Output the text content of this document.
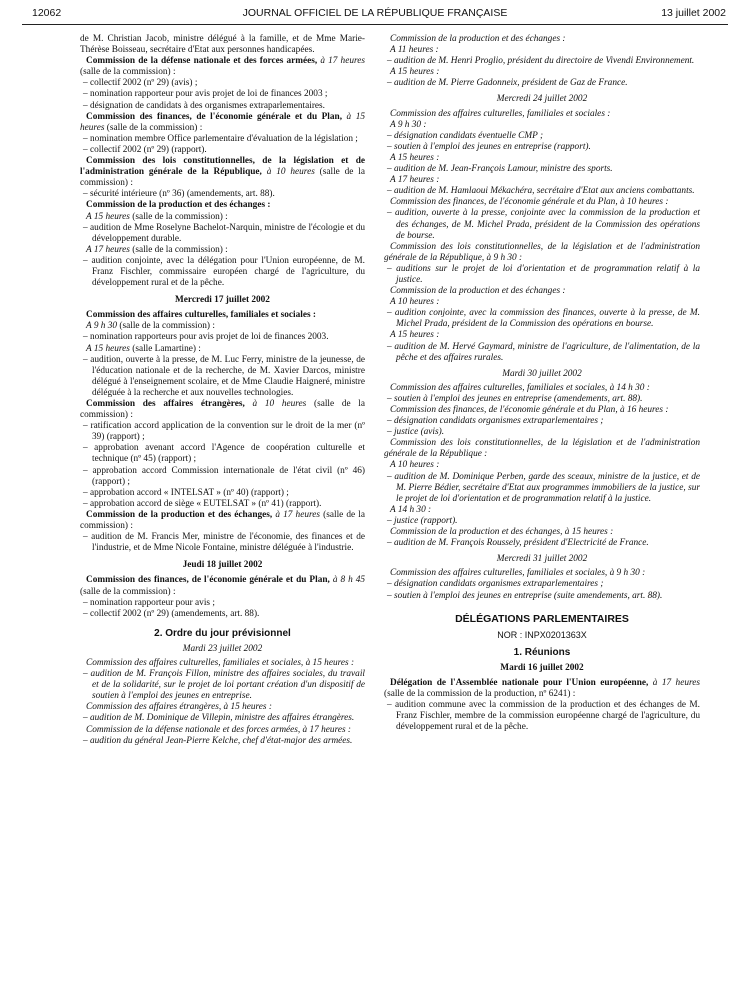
12062	JOURNAL OFFICIEL DE LA RÉPUBLIQUE FRANÇAISE	13 juillet 2002

de M. Christian Jacob, ministre délégué à la famille, et de Mme Marie-Thérèse Boisseau, secrétaire d'Etat aux personnes handicapées.

Commission de la défense nationale et des forces armées, à 17 heures (salle de la commission) :

– collectif 2002 (nº 29) (avis) ;

– nomination rapporteur pour avis projet de loi de finances 2003 ;

– désignation de candidats à des organismes extraparlementaires.

Commission des finances, de l'économie générale et du Plan, à 15 heures (salle de la commission) :

– nomination membre Office parlementaire d'évaluation de la législation ;

– collectif 2002 (nº 29) (rapport).

Commission des lois constitutionnelles, de la législation et de l'administration générale de la République, à 10 heures (salle de la commission) :

– sécurité intérieure (nº 36) (amendements, art. 88).

Commission de la production et des échanges :

A 15 heures (salle de la commission) :

– audition de Mme Roselyne Bachelot-Narquin, ministre de l'écologie et du développement durable.

A 17 heures (salle de la commission) :

– audition conjointe, avec la délégation pour l'Union européenne, de M. Franz Fischler, commissaire européen chargé de l'agriculture, du développement rural et de la pêche.

Mercredi 17 juillet 2002

Commission des affaires culturelles, familiales et sociales :

A 9 h 30 (salle de la commission) :

– nomination rapporteurs pour avis projet de loi de finances 2003.

A 15 heures (salle Lamartine) :

– audition, ouverte à la presse, de M. Luc Ferry, ministre de la jeunesse, de l'éducation nationale et de la recherche, de M. Xavier Darcos, ministre délégué à l'enseignement scolaire, et de Mme Claudie Haigneré, ministre déléguée à la recherche et aux nouvelles technologies.

Commission des affaires étrangères, à 10 heures (salle de la commission) :

– ratification accord application de la convention sur le droit de la mer (nº 39) (rapport) ;

– approbation avenant accord l'Agence de coopération culturelle et technique (nº 45) (rapport) ;

– approbation accord Commission internationale de l'état civil (nº 46) (rapport) ;

– approbation accord « INTELSAT » (nº 40) (rapport) ;

– approbation accord de siège « EUTELSAT » (nº 41) (rapport).

Commission de la production et des échanges, à 17 heures (salle de la commission) :

– audition de M. Francis Mer, ministre de l'économie, des finances et de l'industrie, et de Mme Nicole Fontaine, ministre déléguée à l'industrie.

Jeudi 18 juillet 2002

Commission des finances, de l'économie générale et du Plan, à 8 h 45 (salle de la commission) :

– nomination rapporteur pour avis ;

– collectif 2002 (nº 29) (amendements, art. 88).

2. Ordre du jour prévisionnel
Mardi 23 juillet 2002

Commission des affaires culturelles, familiales et sociales, à 15 heures :

– audition de M. François Fillon, ministre des affaires sociales, du travail et de la solidarité, sur le projet de loi portant création d'un dispositif de soutien à l'emploi des jeunes en entreprise.

Commission des affaires étrangères, à 15 heures :

– audition de M. Dominique de Villepin, ministre des affaires étrangères.

Commission de la défense nationale et des forces armées, à 17 heures :

– audition du général Jean-Pierre Kelche, chef d'état-major des armées.

Commission de la production et des échanges :

A 11 heures :

– audition de M. Henri Proglio, président du directoire de Vivendi Environnement.

A 15 heures :

– audition de M. Pierre Gadonneix, président de Gaz de France.

Mercredi 24 juillet 2002

Commission des affaires culturelles, familiales et sociales :

A 9 h 30 :

– désignation candidats éventuelle CMP ;

– soutien à l'emploi des jeunes en entreprise (rapport).

A 15 heures :

– audition de M. Jean-François Lamour, ministre des sports.

A 17 heures :

– audition de M. Hamlaoui Mékachéra, secrétaire d'Etat aux anciens combattants.

Commission des finances, de l'économie générale et du Plan, à 10 heures :

– audition, ouverte à la presse, conjointe avec la commission de la production et des échanges, de M. Michel Prada, président de la Commission des opérations de bourse.

Commission des lois constitutionnelles, de la législation et de l'administration générale de la République, à 9 h 30 :

– auditions sur le projet de loi d'orientation et de programmation relatif à la justice.

Commission de la production et des échanges :

A 10 heures :

– audition conjointe, avec la commission des finances, ouverte à la presse, de M. Michel Prada, président de la Commission des opérations en bourse.

A 15 heures :

– audition de M. Hervé Gaymard, ministre de l'agriculture, de l'alimentation, de la pêche et des affaires rurales.

Mardi 30 juillet 2002

Commission des affaires culturelles, familiales et sociales, à 14 h 30 :

– soutien à l'emploi des jeunes en entreprise (amendements, art. 88).

Commission des finances, de l'économie générale et du Plan, à 16 heures :

– désignation candidats organismes extraparlementaires ;

– justice (avis).

Commission des lois constitutionnelles, de la législation et de l'administration générale de la République :

A 10 heures :

– audition de M. Dominique Perben, garde des sceaux, ministre de la justice, et de M. Pierre Bédier, secrétaire d'Etat aux programmes immobiliers de la justice, sur le projet de loi d'orientation et de programmation relatif à la justice.

A 14 h 30 :

– justice (rapport).

Commission de la production et des échanges, à 15 heures :

– audition de M. François Roussely, président d'Electricité de France.

Mercredi 31 juillet 2002

Commission des affaires culturelles, familiales et sociales, à 9 h 30 :

– désignation candidats organismes extraparlementaires ;

– soutien à l'emploi des jeunes en entreprise (suite amendements, art. 88).

DÉLÉGATIONS PARLEMENTAIRES
NOR : INPX0201363X
1. Réunions
Mardi 16 juillet 2002

Délégation de l'Assemblée nationale pour l'Union européenne, à 17 heures (salle de la commission de la production, nº 6241) :

– audition commune avec la commission de la production et des échanges de M. Franz Fischler, membre de la commission européenne chargé de l'agriculture, du développement rural et de la pêche.
